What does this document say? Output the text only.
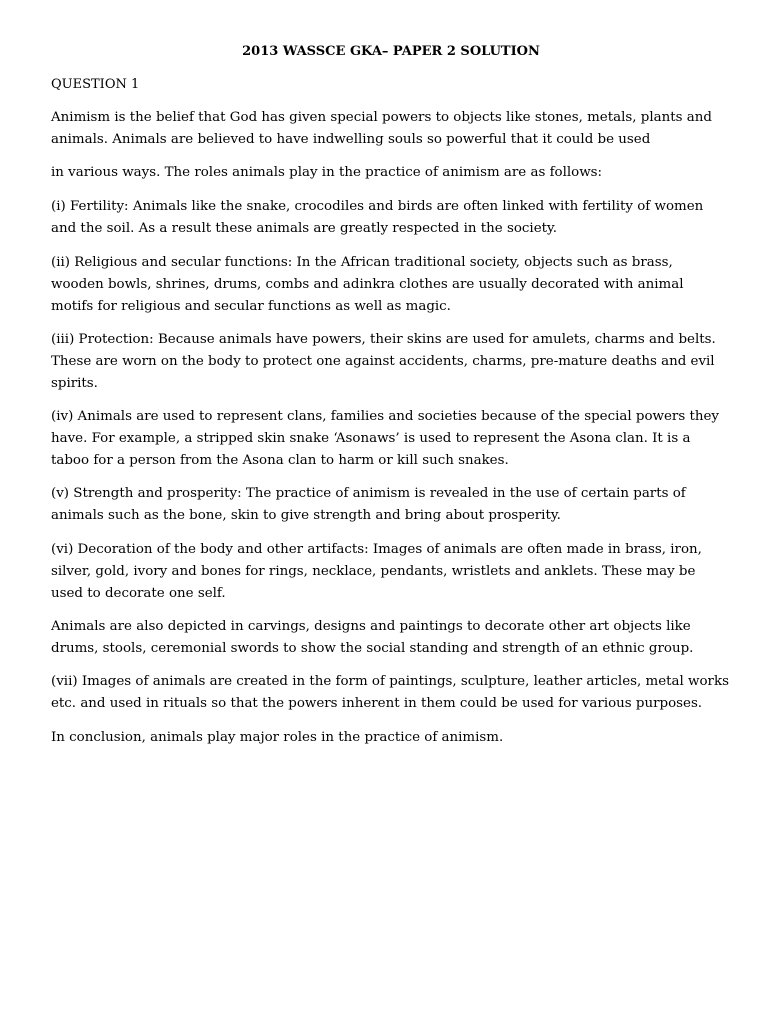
2013 WASSCE GKA– PAPER 2 SOLUTION
QUESTION 1

Animism is the belief that God has given special powers to objects like stones, metals, plants and animals. Animals are believed to have indwelling souls so powerful that it could be used

in various ways. The roles animals play in the practice of animism are as follows:

(i) Fertility: Animals like the snake, crocodiles and birds are often linked with fertility of women and the soil. As a result these animals are greatly respected in the society.

(ii) Religious and secular functions: In the African traditional society, objects such as brass, wooden bowls, shrines, drums, combs and adinkra clothes are usually decorated with animal motifs for religious and secular functions as well as magic.

(iii) Protection: Because animals have powers, their skins are used for amulets, charms and belts. These are worn on the body to protect one against accidents, charms, pre-mature deaths and evil spirits.

(iv) Animals are used to represent clans, families and societies because of the special powers they have. For example, a stripped skin snake ‘Asonaws’ is used to represent the Asona clan. It is a taboo for a person from the Asona clan to harm or kill such snakes.

(v) Strength and prosperity: The practice of animism is revealed in the use of certain parts of animals such as the bone, skin to give strength and bring about prosperity.

(vi) Decoration of the body and other artifacts: Images of animals are often made in brass, iron, silver, gold, ivory and bones for rings, necklace, pendants, wristlets and anklets. These may be used to decorate one self.

Animals are also depicted in carvings, designs and paintings to decorate other art objects like drums, stools, ceremonial swords to show the social standing and strength of an ethnic group.

(vii) Images of animals are created in the form of paintings, sculpture, leather articles, metal works etc. and used in rituals so that the powers inherent in them could be used for various purposes.

In conclusion, animals play major roles in the practice of animism.
